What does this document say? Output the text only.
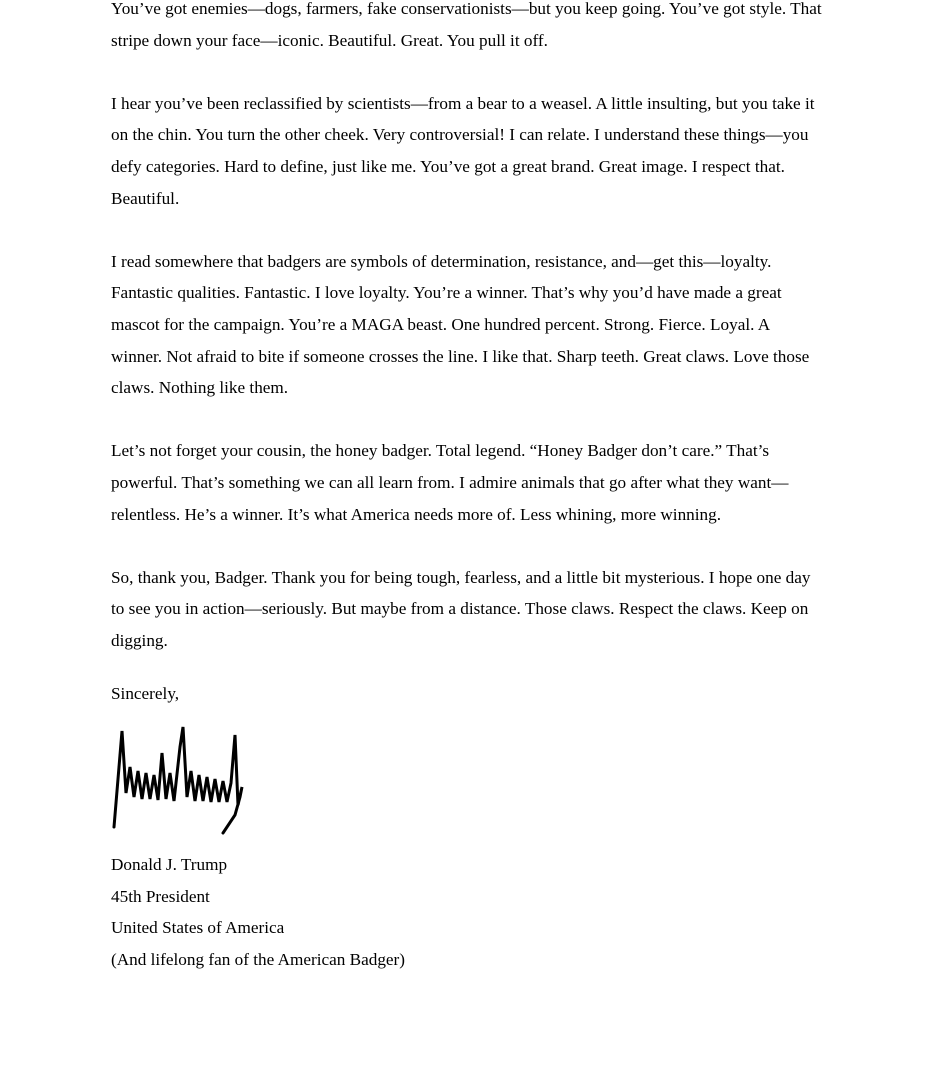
You’ve got enemies—dogs, farmers, fake conservationists—but you keep going. You’ve got style. That stripe down your face—iconic. Beautiful. Great. You pull it off.

I hear you’ve been reclassified by scientists—from a bear to a weasel. A little insulting, but you take it on the chin. You turn the other cheek. Very controversial! I can relate. I understand these things—you defy categories. Hard to define, just like me. You’ve got a great brand. Great image. I respect that. Beautiful.

I read somewhere that badgers are symbols of determination, resistance, and—get this—loyalty. Fantastic qualities. Fantastic. I love loyalty. You’re a winner. That’s why you’d have made a great mascot for the campaign. You’re a MAGA beast. One hundred percent. Strong. Fierce. Loyal. A winner. Not afraid to bite if someone crosses the line. I like that. Sharp teeth. Great claws. Love those claws. Nothing like them.

Let’s not forget your cousin, the honey badger. Total legend. “Honey Badger don’t care.” That’s powerful. That’s something we can all learn from. I admire animals that go after what they want—relentless. He’s a winner. It’s what America needs more of. Less whining, more winning.

So, thank you, Badger. Thank you for being tough, fearless, and a little bit mysterious. I hope one day to see you in action—seriously. But maybe from a distance. Those claws. Respect the claws. Keep on digging.

Sincerely,

Donald J. Trump

45th President

United States of America

(And lifelong fan of the American Badger)
